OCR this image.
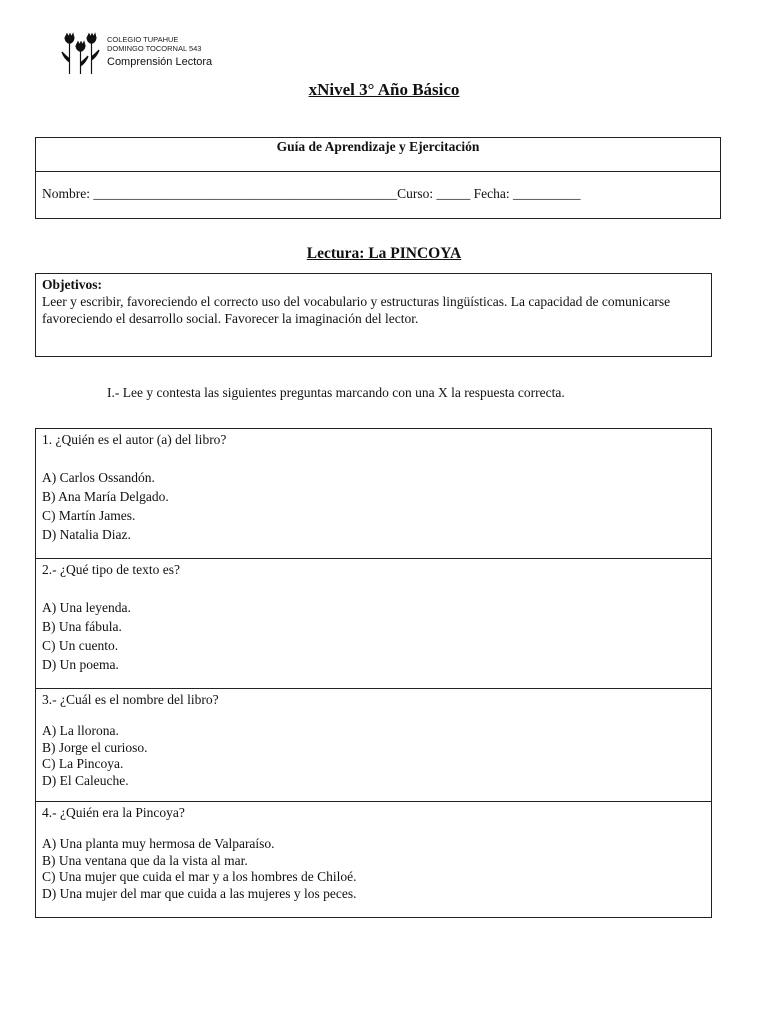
COLEGIO TUPAHUE
DOMINGO TOCORNAL 543
Comprensión Lectora
xNivel 3° Año Básico
Guía de Aprendizaje y Ejercitación
Nombre: _____________________________________________Curso: _____ Fecha: __________
Lectura: La PINCOYA
Objetivos:
Leer y escribir, favoreciendo el correcto uso del vocabulario y estructuras lingüísticas. La capacidad de comunicarse favoreciendo el desarrollo social. Favorecer la imaginación del lector.
I.- Lee y contesta las siguientes preguntas marcando con una X la respuesta correcta.
1. ¿Quién es el autor (a) del libro?
A) Carlos Ossandón.
B) Ana María Delgado.
C) Martín James.
D) Natalia Diaz.
2.- ¿Qué tipo de texto es?
A) Una leyenda.
B) Una fábula.
C) Un cuento.
D) Un poema.
3.- ¿Cuál es el nombre del libro?
A) La llorona.
B) Jorge el curioso.
C) La Pincoya.
D) El Caleuche.
4.- ¿Quién era la Pincoya?
A) Una planta muy hermosa de Valparaíso.
B) Una ventana que da la vista al mar.
C) Una mujer que cuida el mar y a los hombres de Chiloé.
D) Una mujer del mar que cuida a las mujeres y los peces.
